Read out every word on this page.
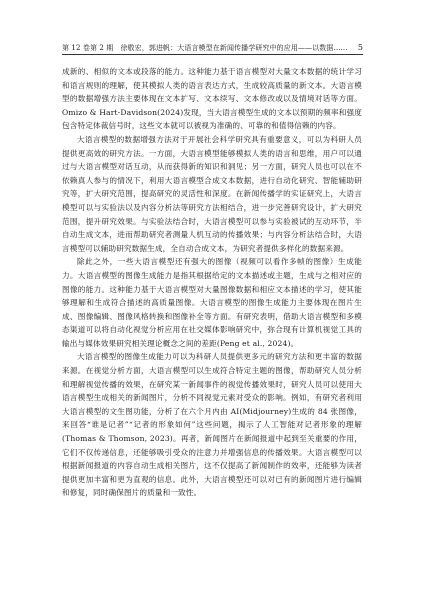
第 12 卷第 2 期　徐敬宏，郭进帆：大语言模型在新闻传播学研究中的应用——以数据…… 5

成新的、相似的文本或段落的能力。这种能力基于语言模型对大量文本数据的统计学习和语言规则的理解，使其模拟人类的语言表达方式，生成较高质量的新文本。大语言模型的数据增强方法主要体现在文本扩写、文本续写、文本修改或以及情境对话等方面。Omizo & Hart-Davidson(2024)发现，当大语言模型生成的文本以预期的频率和强度包含特定体裁信号时，这些文本就可以被视为准确的、可靠的和值得信赖的内容。

大语言模型的数据增强方法对于开展社会科学研究具有重要意义，可以为科研人员提供更高效的研究方法。一方面，大语言模型能够模拟人类的语言和思维，用户可以通过与大语言模型对话互动，从而获得新的知识和洞见；另一方面，研究人员也可以在不依赖真人参与的情况下，利用大语言模型合成文本数据，进行自动化研究、智能辅助研究等，扩大研究范围，提高研究的灵活性和深度。在新闻传播学的实证研究上，大语言模型可以与实验法以及内容分析法等研究方法相结合，进一步完善研究设计，扩大研究范围，提升研究效果。与实验法结合时，大语言模型可以参与实验被试的互动环节，半自动生成文本，进而帮助研究者测量人机互动的传播效果；与内容分析法结合时，大语言模型可以辅助研究数据生成，全自动合成文本，为研究者提供多样化的数据来源。

除此之外，一些大语言模型还有强大的图像（视频可以看作多帧的图像）生成能力。大语言模型的图像生成能力是指其根据给定的文本描述或主题，生成与之相对应的图像的能力。这种能力基于大语言模型对大量图像数据和相应文本描述的学习，使其能够理解和生成符合描述的高质量图像。大语言模型的图像生成能力主要体现在图片生成、图像编辑、图像风格转换和图像补全等方面。有研究表明，借助大语言模型和多模态渠道可以将自动化视觉分析应用在社交媒体影响研究中，弥合现有计算机视觉工具的输出与媒体效果研究相关理论概念之间的差距(Peng et al., 2024)。

大语言模型的图像生成能力可以为科研人员提供更多元的研究方法和更丰富的数据来源。在视觉分析方面，大语言模型可以生成符合特定主题的图像，帮助研究人员分析和理解视觉传播的效果，在研究某一新闻事件的视觉传播效果时，研究人员可以使用大语言模型生成相关的新闻图片，分析不同视觉元素对受众的影响。例如，有研究者利用大语言模型的文生图功能，分析了在六个月内由 AI(Midjourney)生成的 84 张图像，来回答“谁是记者”“记者的形象如何”这些问题，揭示了人工智能对记者形象的理解(Thomas & Thomson, 2023)。再者，新闻图片在新闻报道中起到至关重要的作用，它们不仅传递信息，还能够吸引受众的注意力并增强信息的传播效果。大语言模型可以根据新闻报道的内容自动生成相关图片，这不仅提高了新闻制作的效率，还能够为读者提供更加丰富和更为直观的信息。此外，大语言模型还可以对已有的新闻图片进行编辑和修复，同时确保图片的质量和一致性。
